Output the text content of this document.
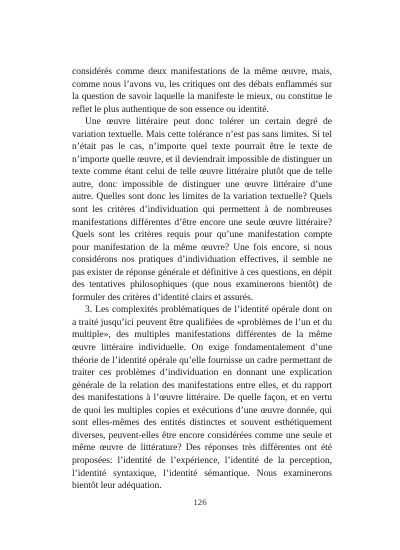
considérés comme deux manifestations de la même œuvre, mais, comme nous l’avons vu, les critiques ont des débats enflammés sur la question de savoir laquelle la manifeste le mieux, ou constitue le reflet le plus authentique de son essence ou identité.

Une œuvre littéraire peut donc tolérer un certain degré de variation textuelle. Mais cette tolérance n’est pas sans limites. Si tel n’était pas le cas, n’importe quel texte pourrait être le texte de n’importe quelle œuvre, et il deviendrait impossible de distinguer un texte comme étant celui de telle œuvre littéraire plutôt que de telle autre, donc impossible de distinguer une œuvre littéraire d’une autre. Quelles sont donc les limites de la variation textuelle? Quels sont les critères d’individuation qui permettent à de nombreuses manifestations différentes d’être encore une seule œuvre littéraire? Quels sont les critères requis pour qu’une manifestation compte pour manifestation de la même œuvre? Une fois encore, si nous considérons nos pratiques d’individuation effectives, il semble ne pas exister de réponse générale et définitive à ces questions, en dépit des tentatives philosophiques (que nous examinerons bientôt) de formuler des critères d’identité clairs et assurés.

3. Les complexités problématiques de l’identité opérale dont on a traité jusqu’ici peuvent être qualifiées de «problèmes de l’un et du multiple», des multiples manifestations différentes de la même œuvre littéraire individuelle. On exige fondamentalement d’une théorie de l’identité opérale qu’elle fournisse un cadre permettant de traiter ces problèmes d’individuation en donnant une explication générale de la relation des manifestations entre elles, et du rapport des manifestations à l’œuvre littéraire. De quelle façon, et en vertu de quoi les multiples copies et exécutions d’une œuvre donnée, qui sont elles-mêmes des entités distinctes et souvent esthétiquement diverses, peuvent-elles être encore considérées comme une seule et même œuvre de littérature? Des réponses très différentes ont été proposées: l’identité de l’expérience, l’identité de la perception, l’identité syntaxique, l’identité sémantique. Nous examinerons bientôt leur adéquation.

126
